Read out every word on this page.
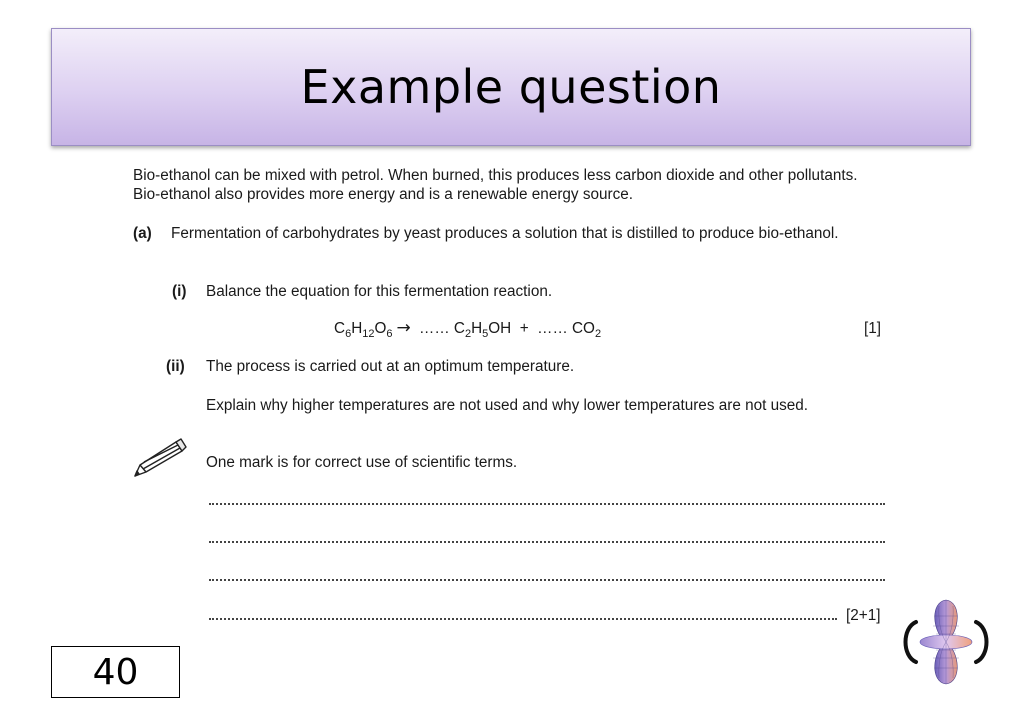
Example question
Bio-ethanol can be mixed with petrol. When burned, this produces less carbon dioxide and other pollutants. Bio-ethanol also provides more energy and is a renewable energy source.
(a) Fermentation of carbohydrates by yeast produces a solution that is distilled to produce bio-ethanol.
(i) Balance the equation for this fermentation reaction.
$C_6H_{12}O_6$ → …… $C_2H_5OH$ + …… $CO_2$	[1]
(ii) The process is carried out at an optimum temperature.
Explain why higher temperatures are not used and why lower temperatures are not used.
One mark is for correct use of scientific terms.
[2+1]
40
